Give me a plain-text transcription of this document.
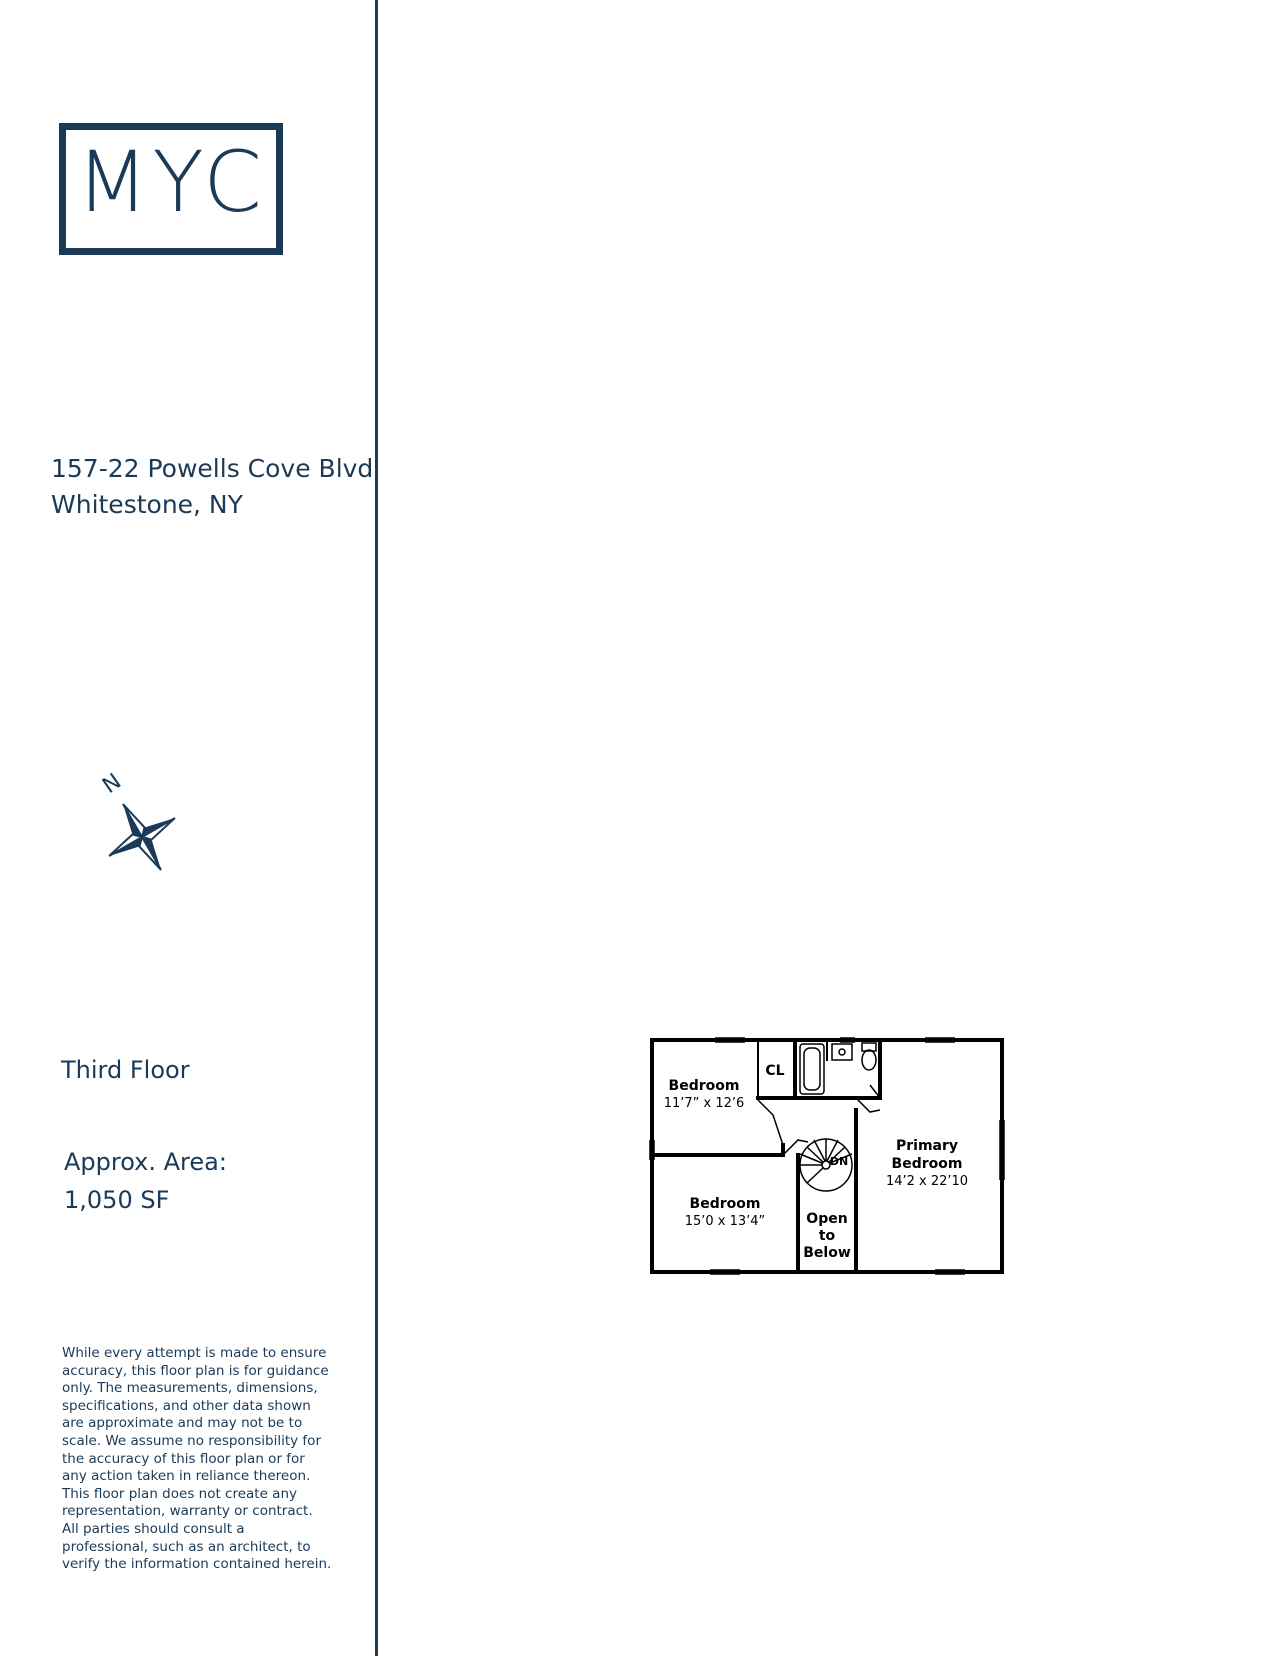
MYC
157-22 Powells Cove Blvd
Whitestone, NY
N
Third Floor
Approx. Area:
1,050 SF
While every attempt is made to ensure accuracy, this floor plan is for guidance only. The measurements, dimensions, specifications, and other data shown are approximate and may not be to scale. We assume no responsibility for the accuracy of this floor plan or for any action taken in reliance thereon. This floor plan does not create any representation, warranty or contract. All parties should consult a professional, such as an architect, to verify the information contained herein.
Bedroom
11’7” x 12’6
CL
Bedroom
15’0 x 13’4”
Primary
Bedroom
14’2 x 22’10
DN
Open
to
Below
